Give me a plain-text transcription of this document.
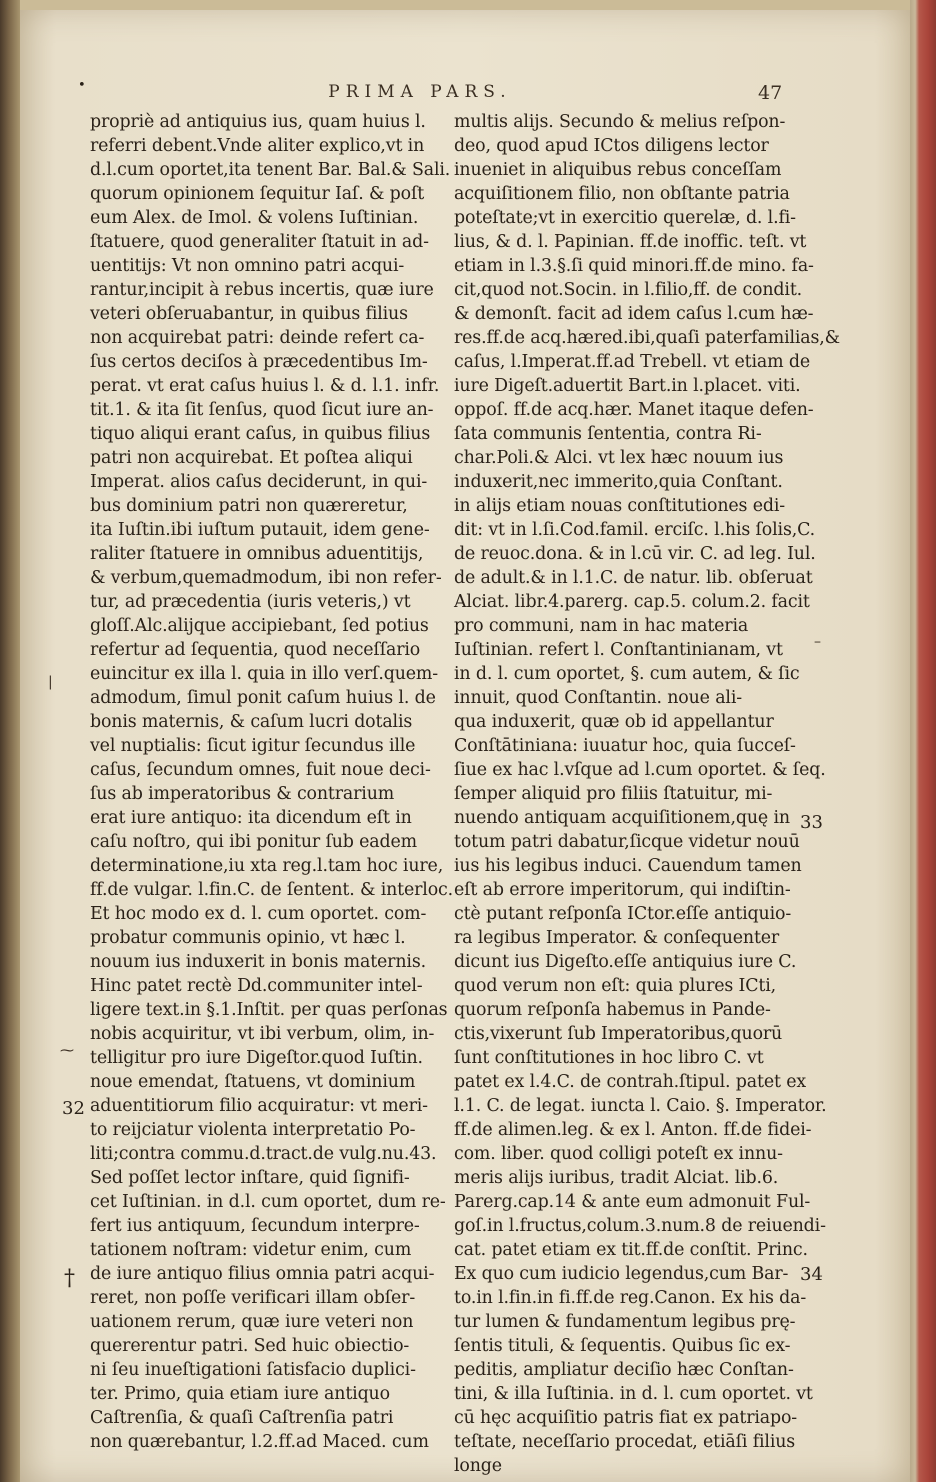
•	PRIMA PARS.	47
propriè ad antiquius ius, quam huius l.
referri debent.Vnde aliter explico,vt in
d.l.cum oportet,ita tenent Bar. Bal.& Sali.
quorum opinionem ſequitur Iaſ. & poſt
eum Alex. de Imol. & volens Iuſtinian.
ſtatuere, quod generaliter ſtatuit in ad-
uentitijs: Vt non omnino patri acqui-
rantur,incipit à rebus incertis, quæ iure
veteri obſeruabantur, in quibus filius
non acquirebat patri: deinde refert ca-
ſus certos deciſos à præcedentibus Im-
perat. vt erat caſus huius l. & d. l.1. infr.
tit.1. & ita ſit ſenſus, quod ſicut iure an-
tiquo aliqui erant caſus, in quibus filius
patri non acquirebat. Et poſtea aliqui
Imperat. alios caſus deciderunt, in qui-
bus dominium patri non quæreretur,
ita Iuſtin.ibi iuſtum putauit, idem gene-
raliter ſtatuere in omnibus aduentitijs,
& verbum,quemadmodum, ibi non refer-
tur, ad præcedentia (iuris veteris,) vt
gloſſ.Alc.alijque accipiebant, ſed potius
refertur ad ſequentia, quod neceſſario
euincitur ex illa l. quia in illo verſ.quem-
admodum, ſimul ponit caſum huius l. de
bonis maternis, & caſum lucri dotalis
vel nuptialis: ſicut igitur ſecundus ille
caſus, ſecundum omnes, fuit noue deci-
ſus ab imperatoribus & contrarium
erat iure antiquo: ita dicendum eſt in
caſu noſtro, qui ibi ponitur ſub eadem
determinatione,iu xta reg.l.tam hoc iure,
ff.de vulgar. l.fin.C. de ſentent. & interloc.
Et hoc modo ex d. l. cum oportet. com-
probatur communis opinio, vt hæc l.
nouum ius induxerit in bonis maternis.
Hinc patet rectè Dd.communiter intel-
ligere text.in §.1.Inſtit. per quas perſonas
nobis acquiritur, vt ibi verbum, olim, in-
telligitur pro iure Digeſtor.quod Iuſtin.
noue emendat, ſtatuens, vt dominium
aduentitiorum filio acquiratur: vt meri-
to reijciatur violenta interpretatio Po-
liti;contra commu.d.tract.de vulg.nu.43.
Sed poſſet lector inſtare, quid ſignifi-
cet Iuſtinian. in d.l. cum oportet, dum re-
fert ius antiquum, ſecundum interpre-
tationem noſtram: videtur enim, cum
de iure antiquo filius omnia patri acqui-
reret, non poſſe verificari illam obſer-
uationem rerum, quæ iure veteri non
quererentur patri. Sed huic obiectio-
ni ſeu inueſtigationi ſatisfacio duplici-
ter. Primo, quia etiam iure antiquo
Caſtrenſia, & quaſi Caſtrenſia patri
non quærebantur, l.2.ff.ad Maced. cum
multis alijs. Secundo & melius reſpon-
deo, quod apud ICtos diligens lector
inueniet in aliquibus rebus conceſſam
acquiſitionem filio, non obſtante patria
poteſtate;vt in exercitio querelæ, d. l.fi-
lius, & d. l. Papinian. ff.de inoffic. teſt. vt
etiam in l.3.§.ſi quid minori.ff.de mino. fa-
cit,quod not.Socin. in l.filio,ff. de condit.
& demonſt. facit ad idem caſus l.cum hæ-
res.ff.de acq.hæred.ibi,quaſi paterfamilias,&
caſus, l.Imperat.ff.ad Trebell. vt etiam de
iure Digeſt.aduertit Bart.in l.placet. viti.
oppoſ. ff.de acq.hær. Manet itaque defen-
ſata communis ſententia, contra Ri-
char.Poli.& Alci. vt lex hæc nouum ius
induxerit,nec immerito,quia Conſtant.
in alijs etiam nouas conſtitutiones edi-
dit: vt in l.ſi.Cod.famil. erciſc. l.his ſolis,C.
de reuoc.dona. & in l.cū vir. C. ad leg. Iul.
de adult.& in l.1.C. de natur. lib. obſeruat
Alciat. libr.4.parerg. cap.5. colum.2. facit
pro communi, nam in hac materia
Iuſtinian. refert l. Conſtantinianam, vt
in d. l. cum oportet, §. cum autem, & ſic
innuit, quod Conſtantin. noue ali-
qua induxerit, quæ ob id appellantur
Conſtātiniana: iuuatur hoc, quia ſucceſ-
ſiue ex hac l.vſque ad l.cum oportet. & ſeq.
ſemper aliquid pro filiis ſtatuitur, mi-
nuendo antiquam acquiſitionem,quę in
totum patri dabatur,ſicque videtur nouū
ius his legibus induci. Cauendum tamen
eſt ab errore imperitorum, qui indiſtin-
ctè putant reſponſa ICtor.eſſe antiquio-
ra legibus Imperator. & conſequenter
dicunt ius Digeſto.eſſe antiquius iure C.
quod verum non eſt: quia plures ICti,
quorum reſponſa habemus in Pande-
ctis,vixerunt ſub Imperatoribus,quorū
ſunt conſtitutiones in hoc libro C. vt
patet ex l.4.C. de contrah.ſtipul. patet ex
l.1. C. de legat. iuncta l. Caio. §. Imperator.
ff.de alimen.leg. & ex l. Anton. ff.de fidei-
com. liber. quod colligi poteſt ex innu-
meris alijs iuribus, tradit Alciat. lib.6.
Parerg.cap.14 & ante eum admonuit Ful-
goſ.in l.fructus,colum.3.num.8 de reiuendi-
cat. patet etiam ex tit.ff.de conſtit. Princ.
Ex quo cum iudicio legendus,cum Bar-
to.in l.fin.in fi.ff.de reg.Canon. Ex his da-
tur lumen & fundamentum legibus prę-
ſentis tituli, & ſequentis. Quibus ſic ex-
peditis, ampliatur deciſio hæc Conſtan-
tini, & illa Iuſtinia. in d. l. cum oportet. vt
cū hęc acquiſitio patris fiat ex patriapo-
teſtate, neceſſario procedat, etiāſi filius
longe
32
†
33
34
⁓
–
|
